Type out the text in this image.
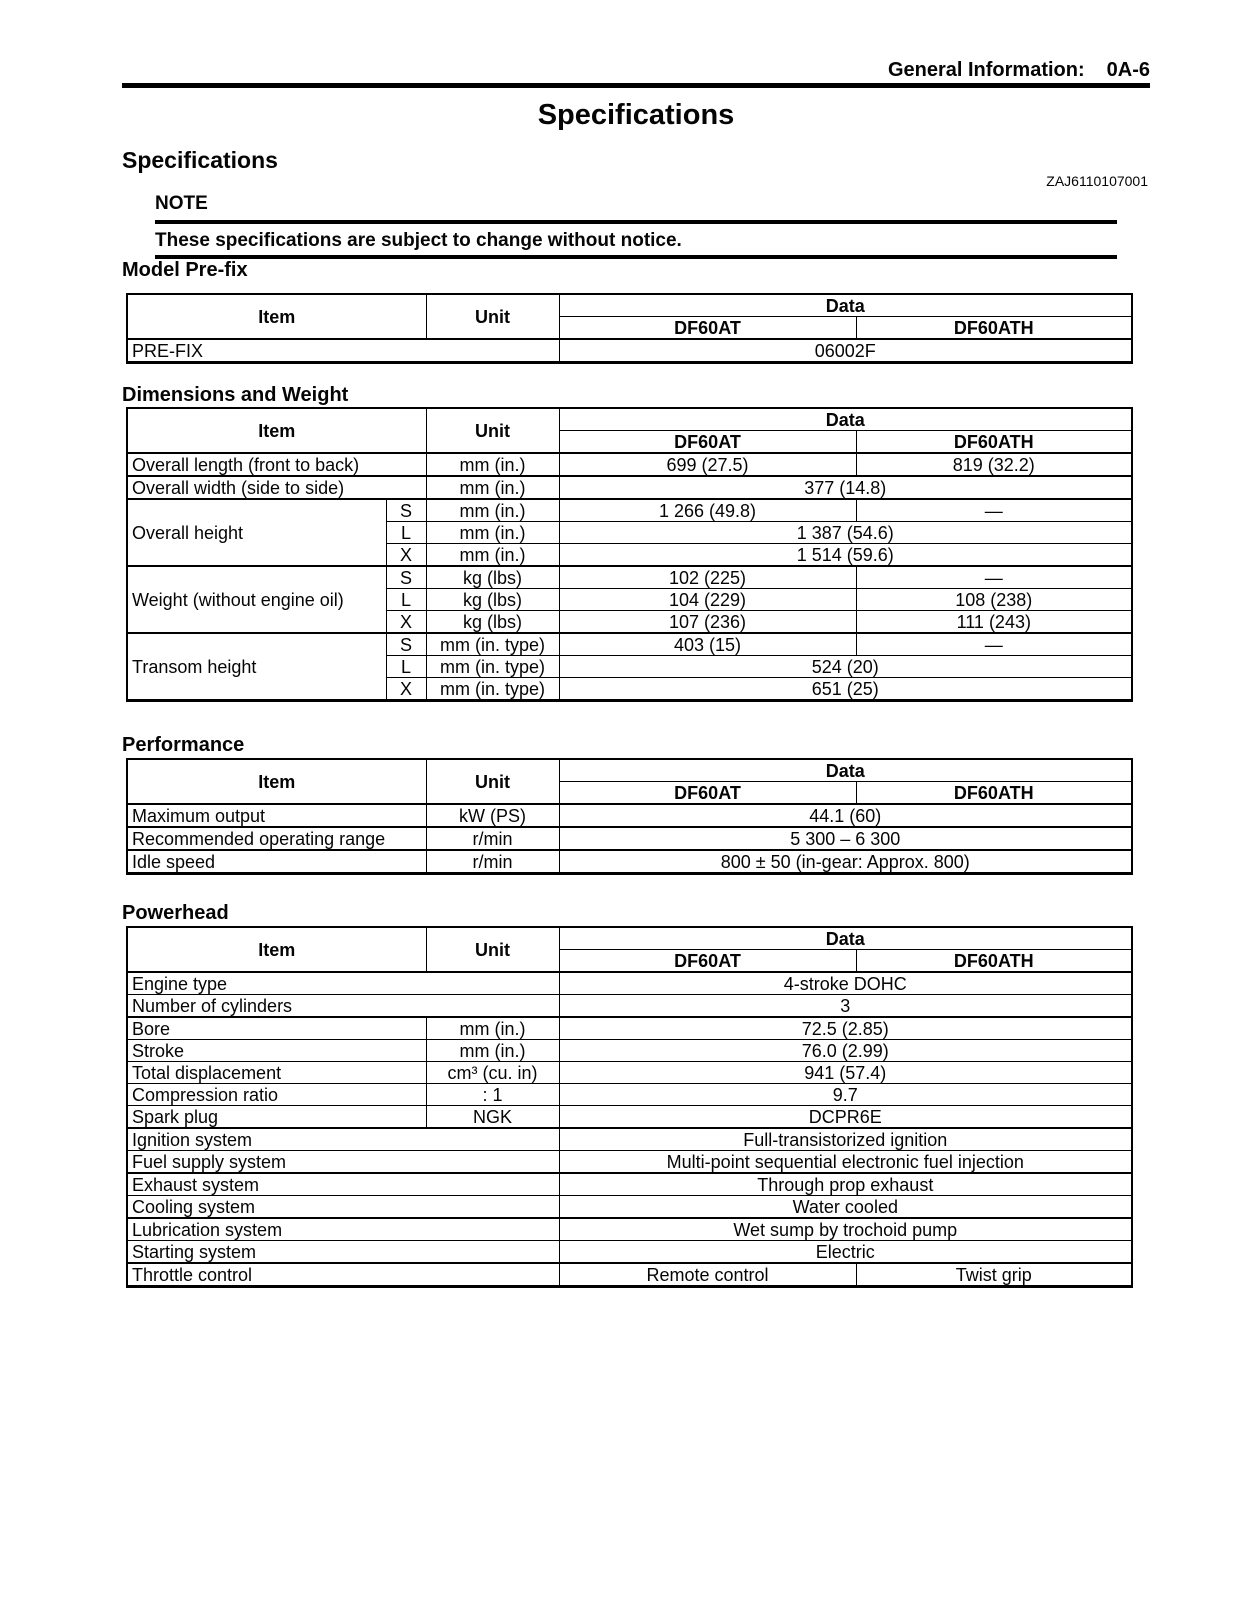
General Information: 0A-6
Specifications
Specifications
ZAJ6110107001
NOTE
These specifications are subject to change without notice.
Model Pre-fix
Item	Unit	Data	
		DF60AT	DF60ATH
PRE-FIX		06002F	
Dimensions and Weight
Item		Unit	Data	
			DF60AT	DF60ATH
Overall length (front to back)		mm (in.)	699 (27.5)	819 (32.2)
Overall width (side to side)		mm (in.)	377 (14.8)	
Overall height	S	mm (in.)	1 266 (49.8)	—
	L	mm (in.)	1 387 (54.6)	
	X	mm (in.)	1 514 (59.6)	
Weight (without engine oil)	S	kg (lbs)	102 (225)	—
	L	kg (lbs)	104 (229)	108 (238)
	X	kg (lbs)	107 (236)	111 (243)
Transom height	S	mm (in. type)	403 (15)	—
	L	mm (in. type)	524 (20)	
	X	mm (in. type)	651 (25)	
Performance
Item	Unit	Data	
		DF60AT	DF60ATH
Maximum output	kW (PS)	44.1 (60)	
Recommended operating range	r/min	5 300 – 6 300	
Idle speed	r/min	800 ± 50 (in-gear: Approx. 800)	
Powerhead
Item	Unit	Data	
		DF60AT	DF60ATH
Engine type		4-stroke DOHC	
Number of cylinders		3	
Bore	mm (in.)	72.5 (2.85)	
Stroke	mm (in.)	76.0 (2.99)	
Total displacement	cm³ (cu. in)	941 (57.4)	
Compression ratio	: 1	9.7	
Spark plug	NGK	DCPR6E	
Ignition system		Full-transistorized ignition	
Fuel supply system		Multi-point sequential electronic fuel injection	
Exhaust system		Through prop exhaust	
Cooling system		Water cooled	
Lubrication system		Wet sump by trochoid pump	
Starting system		Electric	
Throttle control		Remote control	Twist grip
